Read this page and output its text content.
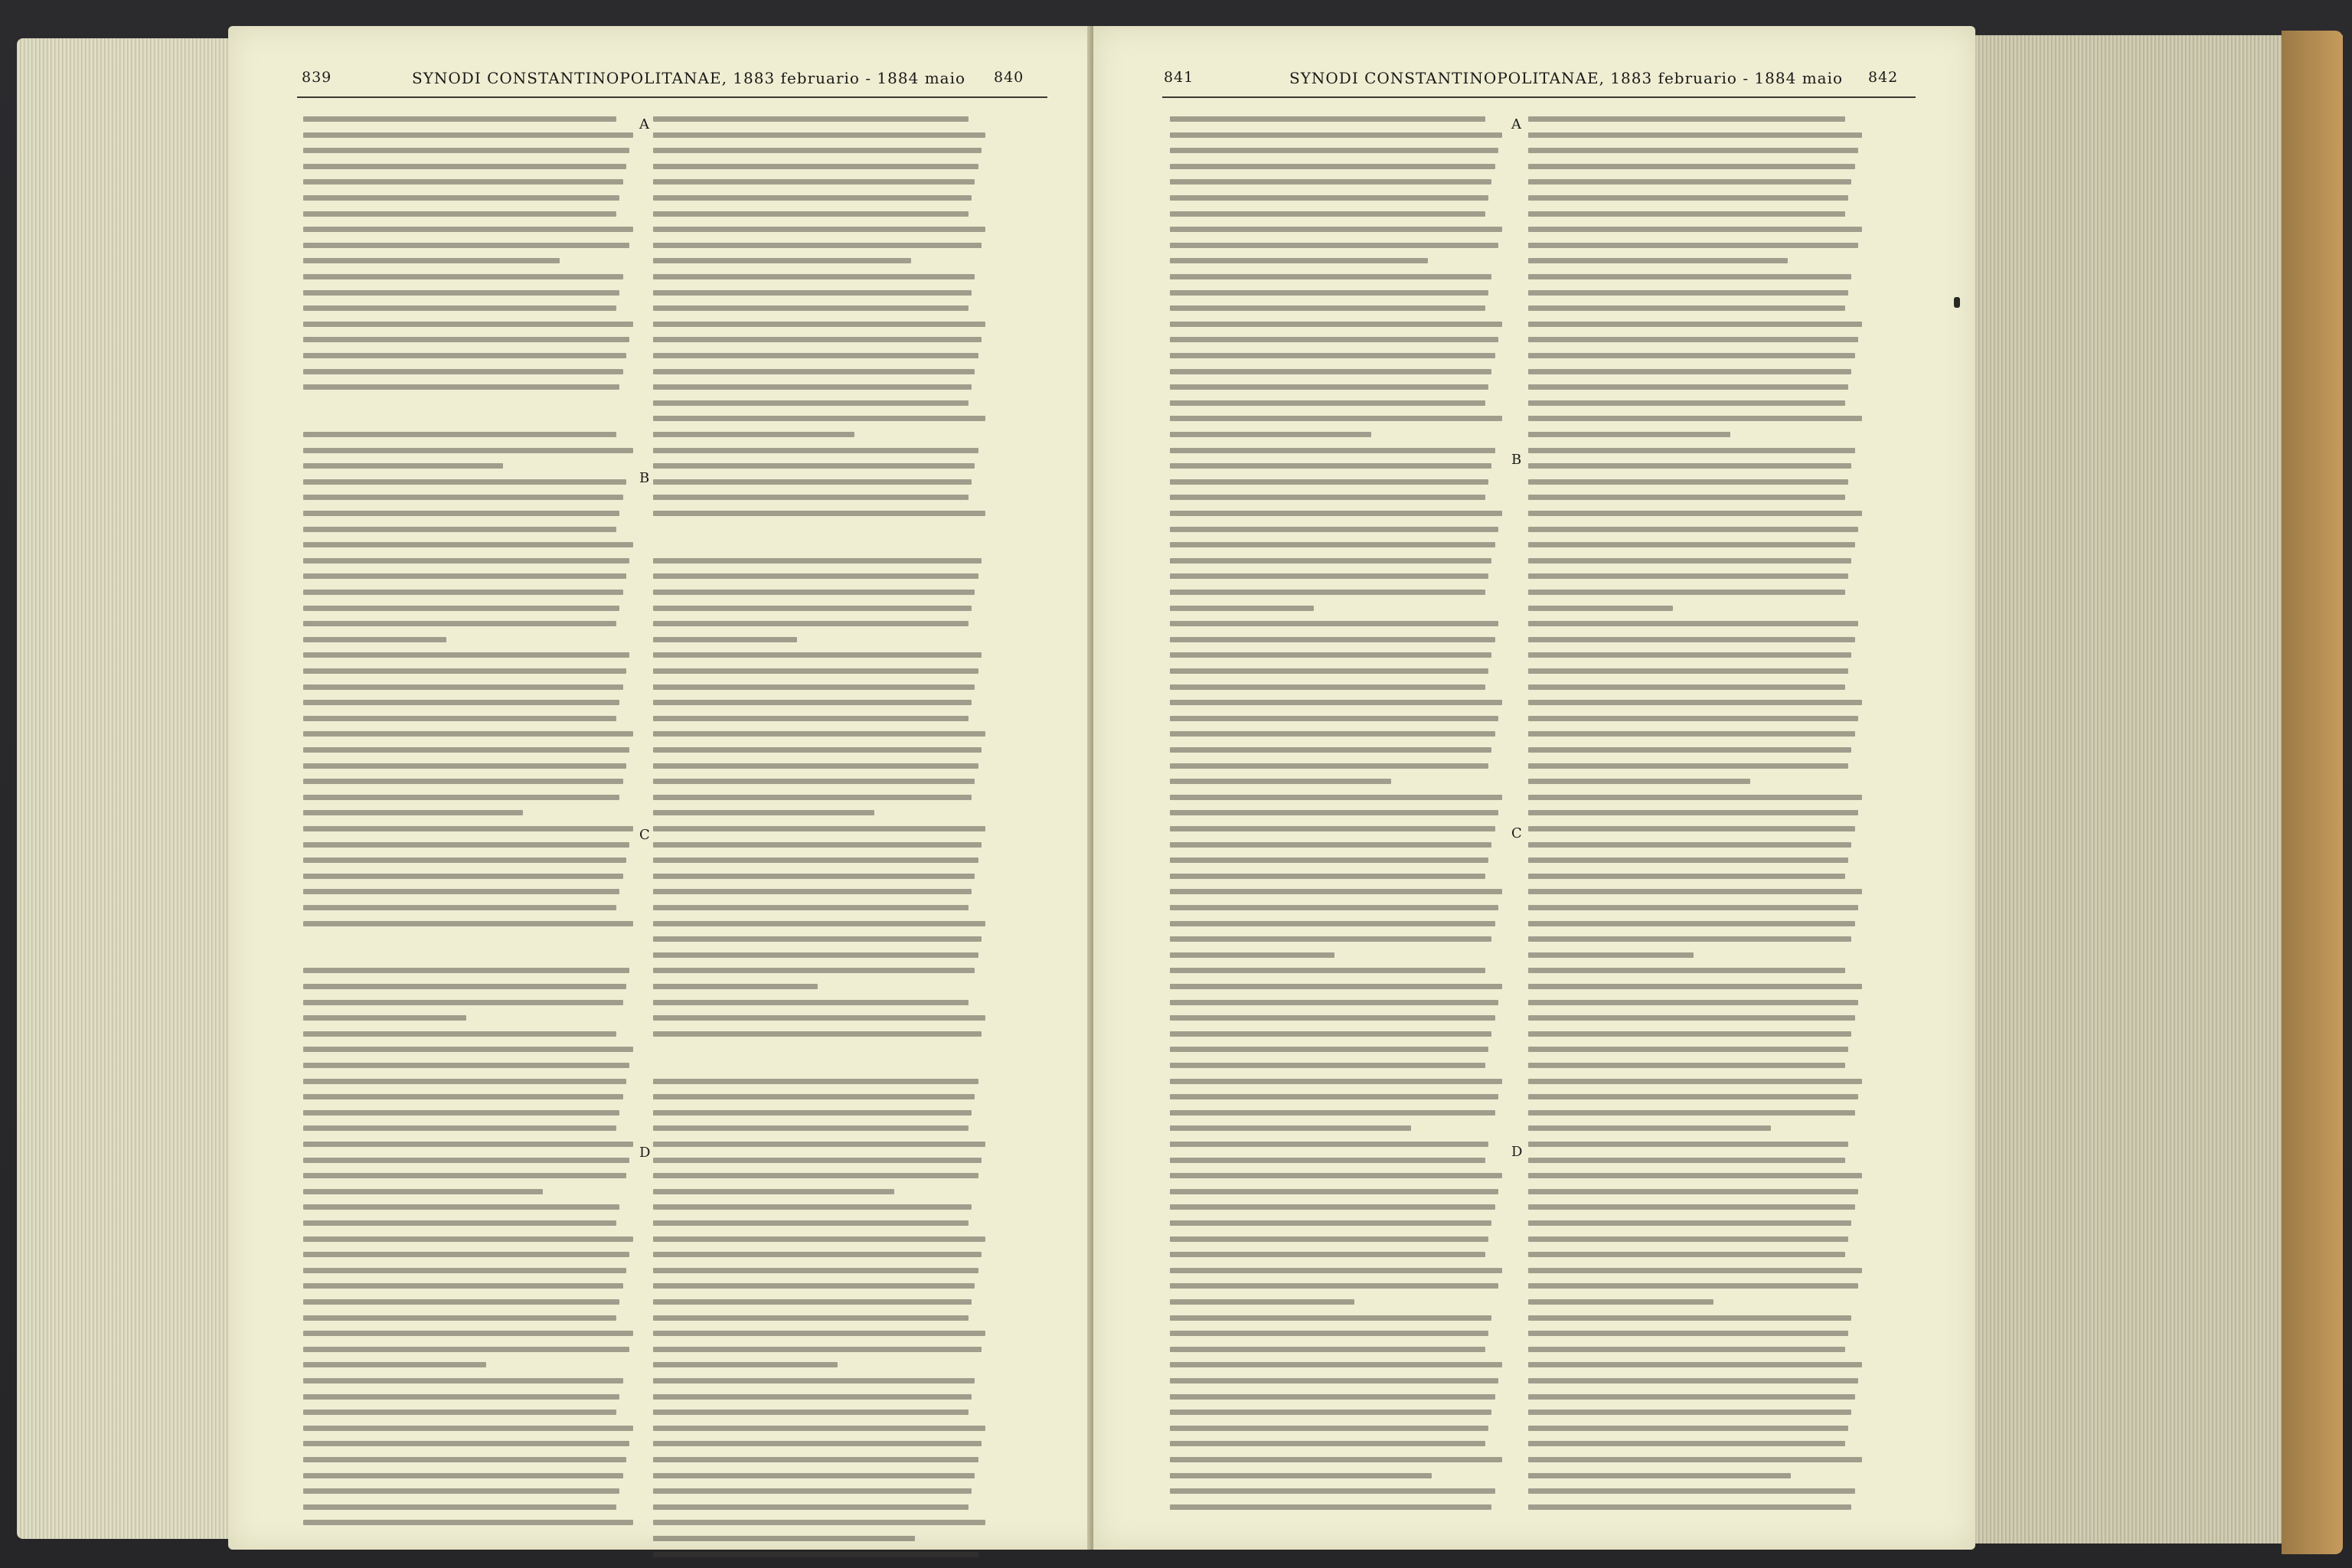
839	SYNODI CONSTANTINOPOLITANAE, 1883 februario - 1884 maio 840
A
B
C
D
841	SYNODI CONSTANTINOPOLITANAE, 1883 februario - 1884 maio 842
A
B
C
D
